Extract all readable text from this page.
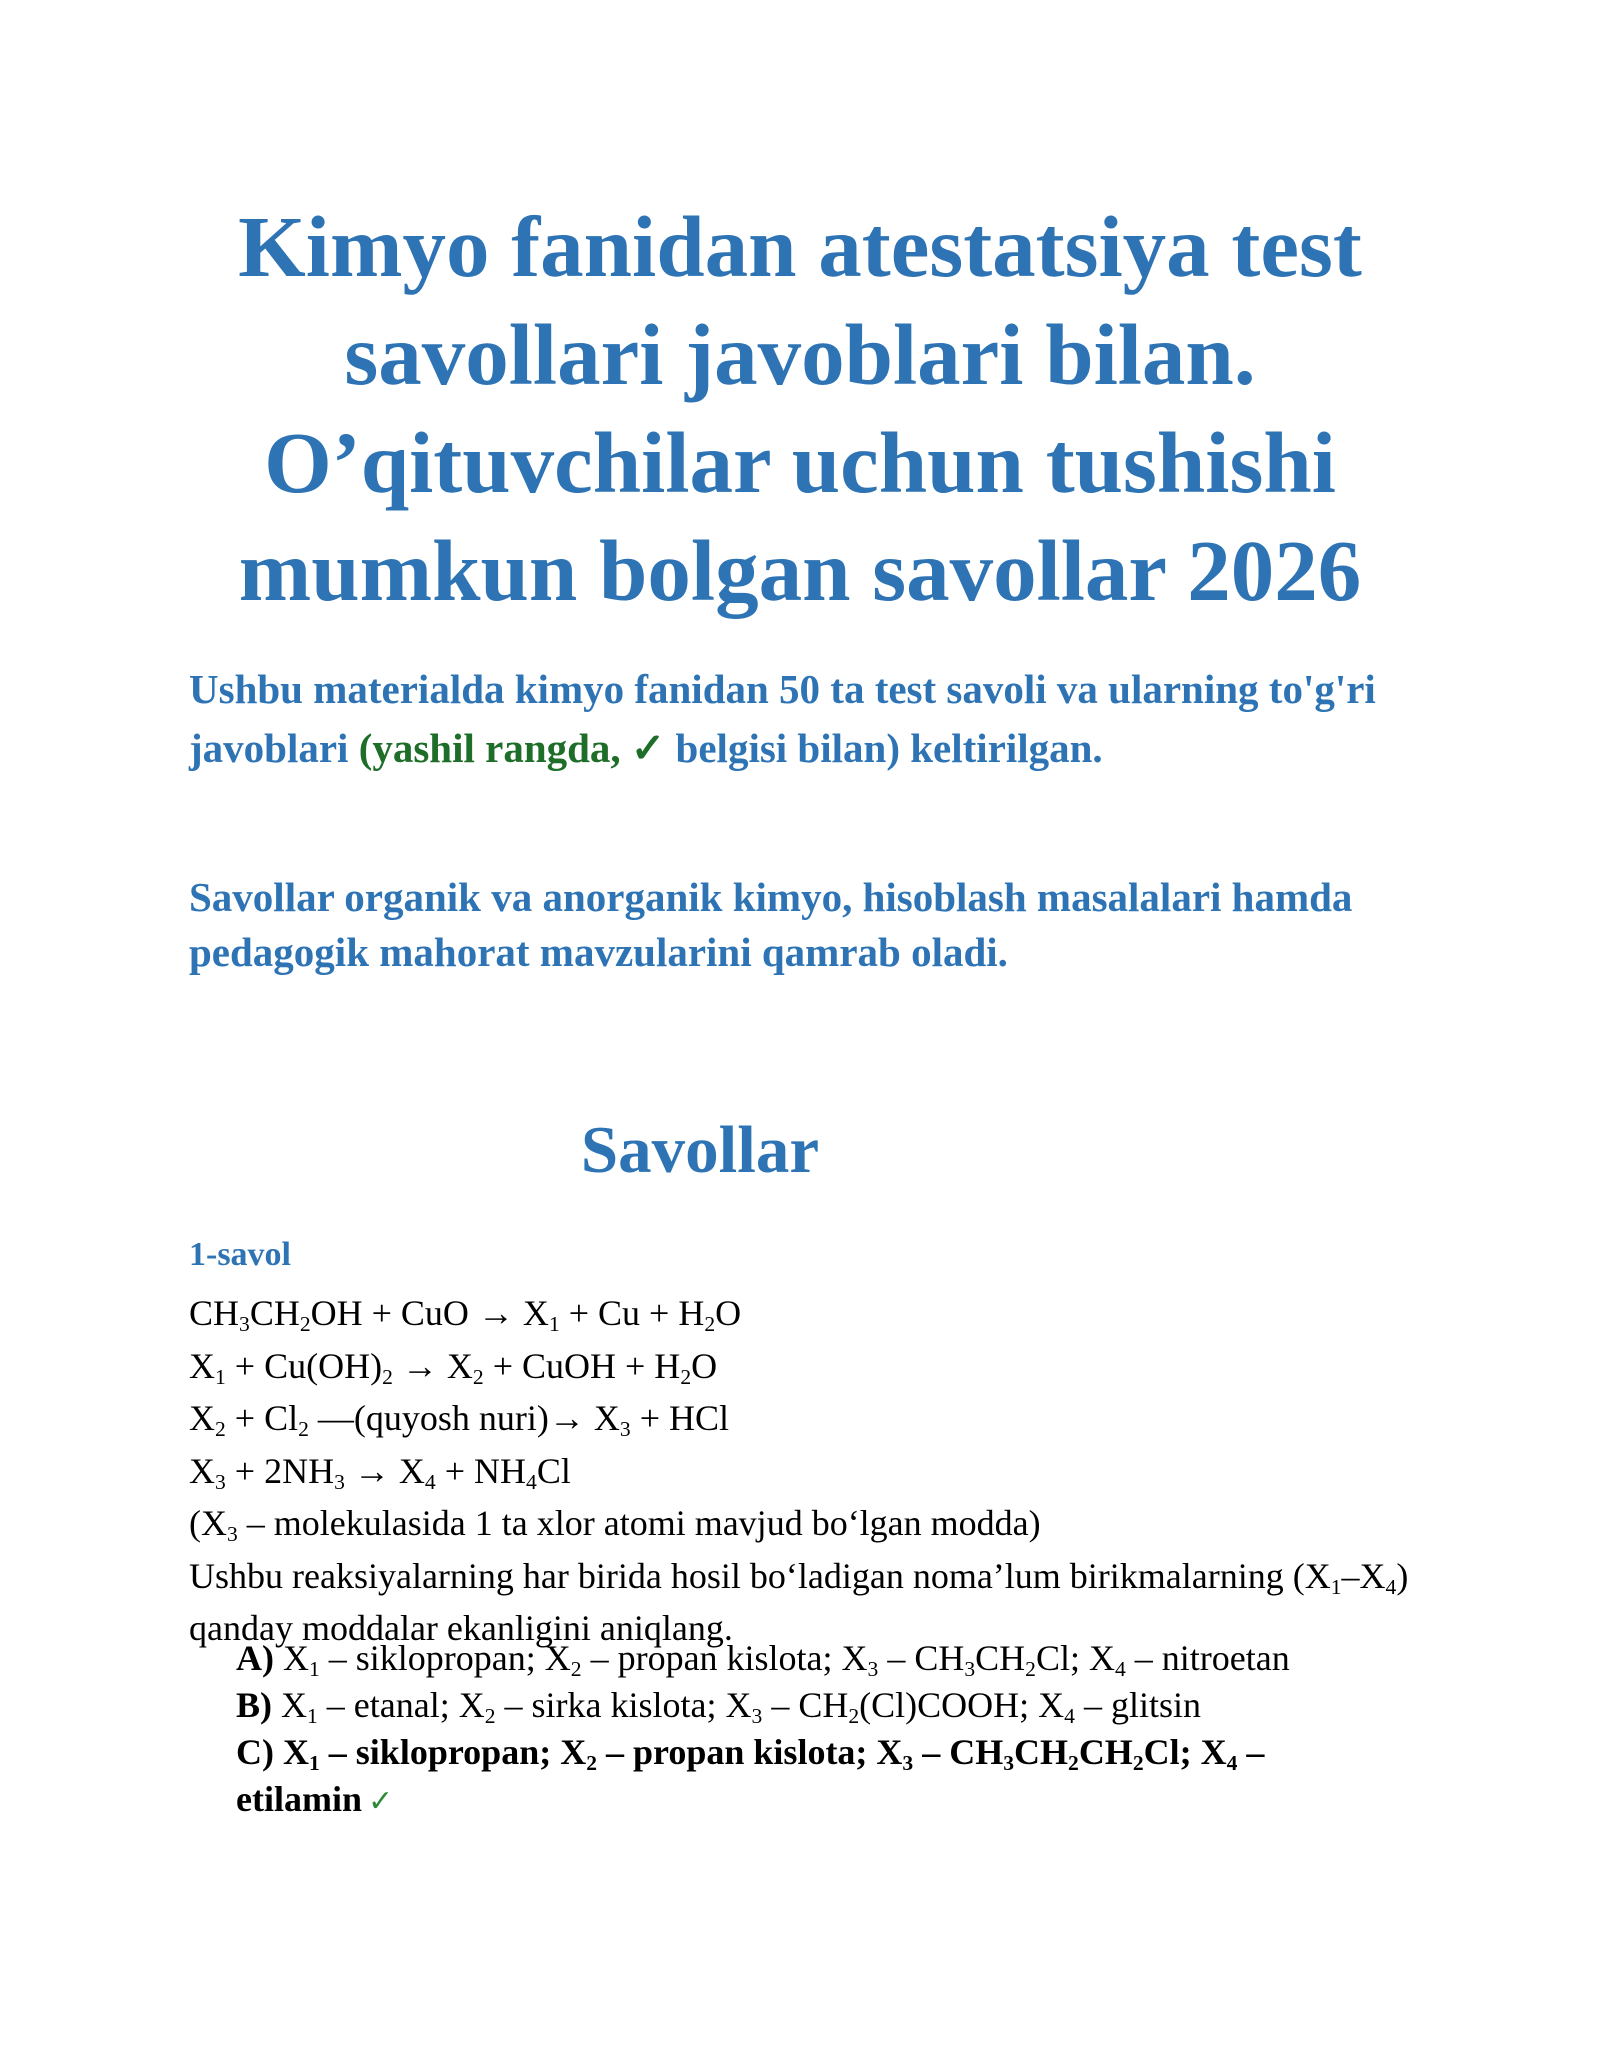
Kimyo fanidan atestatsiya test savollari javoblari bilan. O’qituvchilar uchun tushishi mumkun bolgan savollar 2026

Ushbu materialda kimyo fanidan 50 ta test savoli va ularning to'g'ri javoblari (yashil rangda, ✓ belgisi bilan) keltirilgan.

Savollar organik va anorganik kimyo, hisoblash masalalari hamda pedagogik mahorat mavzularini qamrab oladi.

Savollar

1-savol

$CH_3CH_2OH$ + CuO → $X_1 + Cu + H_2O$
$X_1 + Cu(OH)_2 \to X_2$ + CuOH + $H_2O$
$X_2 + Cl_2$ —(quyosh nuri)→ $X_3$ + HCl
$X_3 + 2NH_3 \to X_4 + NH_4Cl$
($X_3$ – molekulasida 1 ta xlor atomi mavjud bo‘lgan modda)
Ushbu reaksiyalarning har birida hosil bo‘ladigan noma’lum birikmalarning $(X_1-X_4)$ qanday moddalar ekanligini aniqlang.

A) $X_1$ – siklopropan; $X_2$ – propan kislota; $X_3 - CH_3CH_2Cl$; $X_4$ – nitroetan

B) $X_1$ – etanal; $X_2$ – sirka kislota; $X_3$ – $CH_2(Cl)COOH$; $X_4$ – glitsin

C) $X_1$ – siklopropan; $X_2$ – propan kislota; $X_3 - CH_3CH_2CH_2Cl$; $X_4$ – etilamin ✓
